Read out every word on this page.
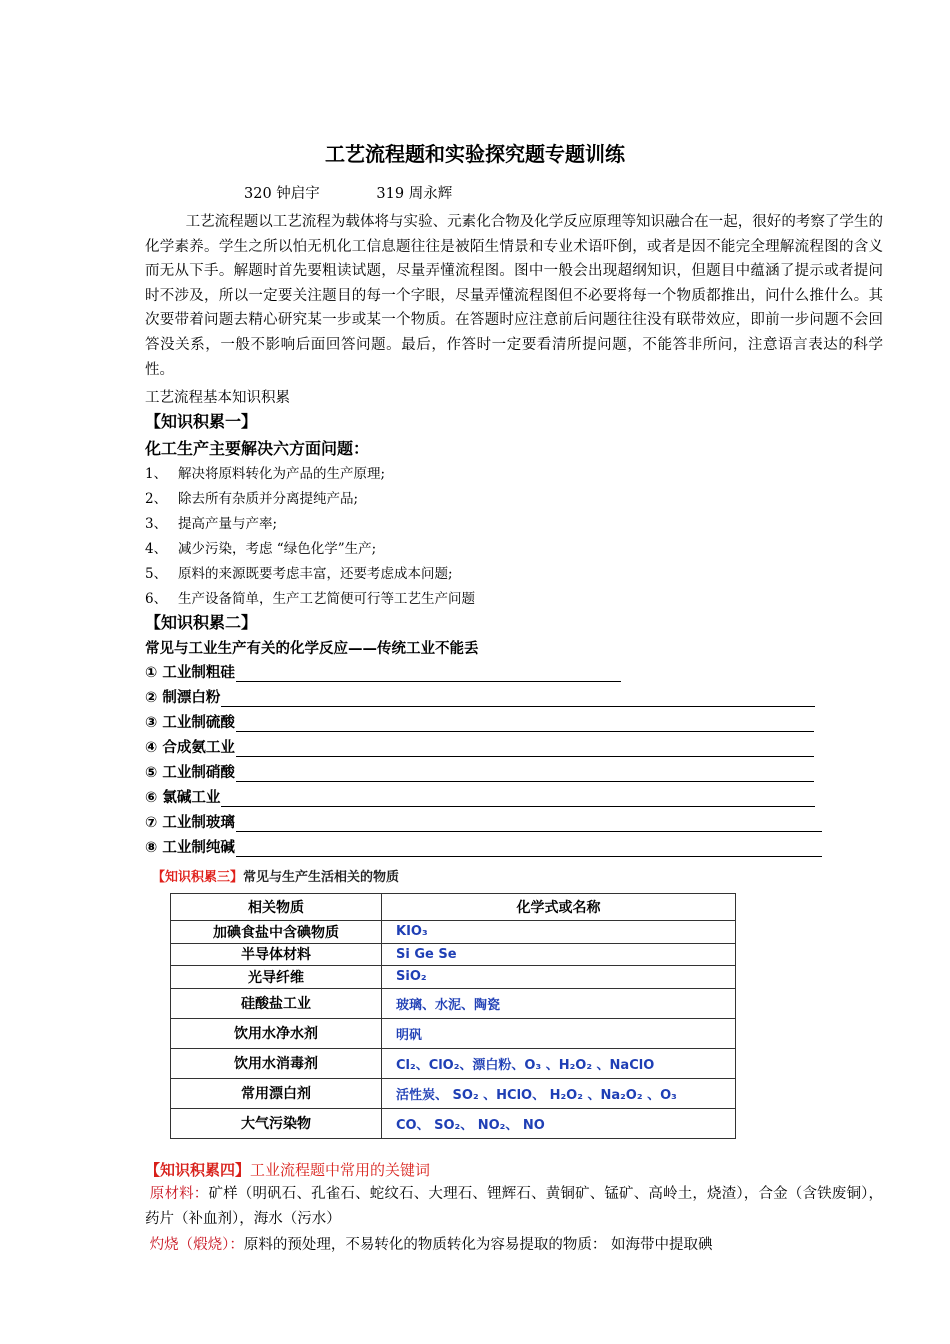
工艺流程题和实验探究题专题训练
320 钟启宇	319 周永辉
工艺流程题以工艺流程为载体将与实验、元素化合物及化学反应原理等知识融合在一起，很好的考察了学生的化学素养。学生之所以怕无机化工信息题往往是被陌生情景和专业术语吓倒，或者是因不能完全理解流程图的含义而无从下手。解题时首先要粗读试题，尽量弄懂流程图。图中一般会出现超纲知识，但题目中蕴涵了提示或者提问时不涉及，所以一定要关注题目的每一个字眼，尽量弄懂流程图但不必要将每一个物质都推出，问什么推什么。其次要带着问题去精心研究某一步或某一个物质。在答题时应注意前后问题往往没有联带效应，即前一步问题不会回答没关系，一般不影响后面回答问题。最后，作答时一定要看清所提问题，不能答非所问，注意语言表达的科学性。
工艺流程基本知识积累
【知识积累一】
化工生产主要解决六方面问题：
1、 解决将原料转化为产品的生产原理;
2、 除去所有杂质并分离提纯产品;
3、 提高产量与产率;
4、 减少污染，考虑 “绿色化学”生产;
5、 原料的来源既要考虑丰富，还要考虑成本问题;
6、 生产设备简单，生产工艺简便可行等工艺生产问题
【知识积累二】
常见与工业生产有关的化学反应——传统工业不能丢
① 工业制粗硅
② 制漂白粉
③ 工业制硫酸
④ 合成氨工业
⑤ 工业制硝酸
⑥ 氯碱工业
⑦ 工业制玻璃
⑧ 工业制纯碱
【知识积累三】常见与生产生活相关的物质
相关物质	化学式或名称
加碘食盐中含碘物质	KIO₃
半导体材料	Si Ge Se
光导纤维	SiO₂
硅酸盐工业	玻璃、水泥、陶瓷
饮用水净水剂	明矾
饮用水消毒剂	Cl₂、ClO₂、漂白粉、O₃ 、H₂O₂ 、NaClO
常用漂白剂	活性炭、 SO₂ 、HClO、 H₂O₂ 、Na₂O₂ 、O₃
大气污染物	CO、 SO₂、 NO₂、 NO
【知识积累四】工业流程题中常用的关键词
原材料：矿样（明矾石、孔雀石、蛇纹石、大理石、锂辉石、黄铜矿、锰矿、高岭土，烧渣），合金（含铁废铜），药片（补血剂），海水（污水）
灼烧（煅烧）：原料的预处理，不易转化的物质转化为容易提取的物质： 如海带中提取碘
